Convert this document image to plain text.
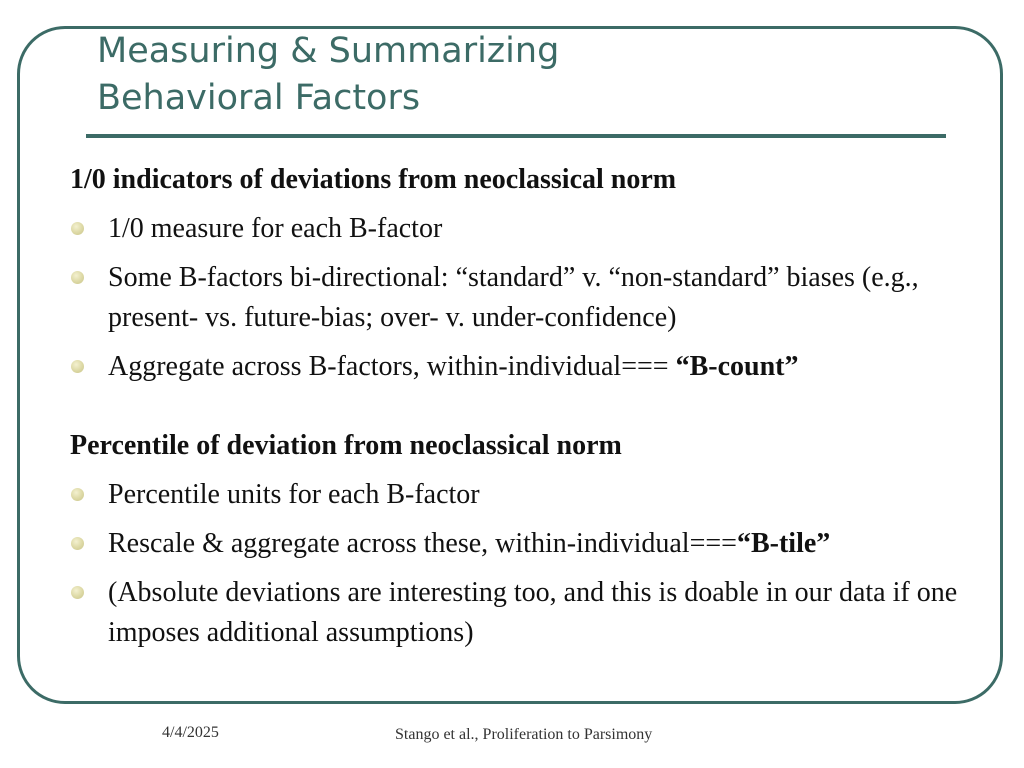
Measuring & Summarizing
Behavioral Factors

1/0 indicators of deviations from neoclassical norm

1/0 measure for each B-factor
Some B-factors bi-directional: “standard” v. “non-standard” biases (e.g., present- vs. future-bias; over- v. under-confidence)
Aggregate across B-factors, within-individual=== “B-count”

Percentile of deviation from neoclassical norm

Percentile units for each B-factor
Rescale & aggregate across these, within-individual===“B-tile”
(Absolute deviations are interesting too, and this is doable in our data if one imposes additional assumptions)
4/4/2025	Stango et al., Proliferation to Parsimony
